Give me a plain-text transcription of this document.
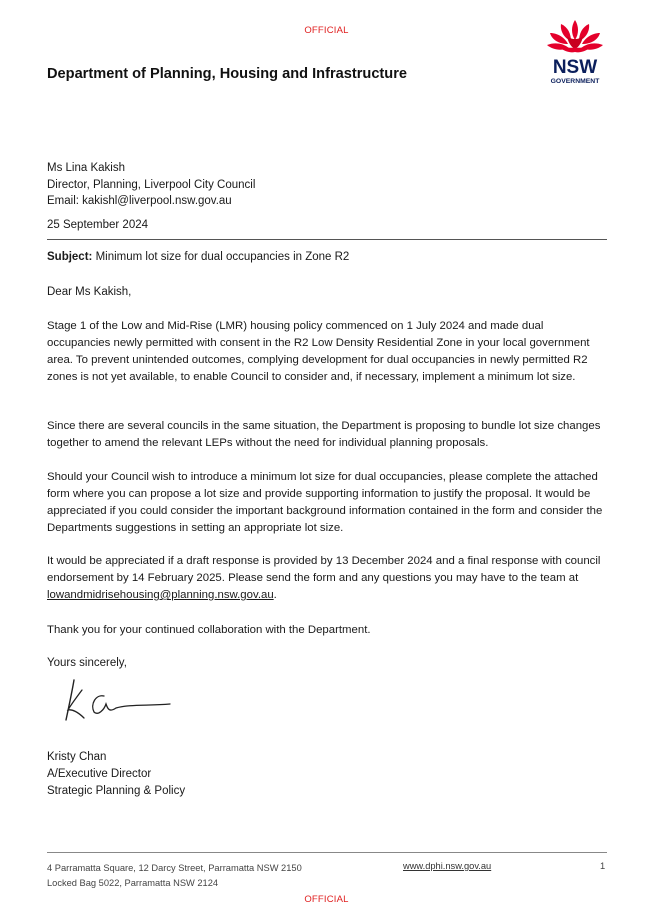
OFFICIAL
Department of Planning, Housing and Infrastructure	NSW
GOVERNMENT
Ms Lina Kakish
Director, Planning, Liverpool City Council
Email: kakishl@liverpool.nsw.gov.au
25 September 2024
Subject: Minimum lot size for dual occupancies in Zone R2
Dear Ms Kakish,
Stage 1 of the Low and Mid-Rise (LMR) housing policy commenced on 1 July 2024 and made dual occupancies newly permitted with consent in the R2 Low Density Residential Zone in your local government area. To prevent unintended outcomes, complying development for dual occupancies in newly permitted R2 zones is not yet available, to enable Council to consider and, if necessary, implement a minimum lot size.
Since there are several councils in the same situation, the Department is proposing to bundle lot size changes together to amend the relevant LEPs without the need for individual planning proposals.
Should your Council wish to introduce a minimum lot size for dual occupancies, please complete the attached form where you can propose a lot size and provide supporting information to justify the proposal. It would be appreciated if you could consider the important background information contained in the form and consider the Departments suggestions in setting an appropriate lot size.
It would be appreciated if a draft response is provided by 13 December 2024 and a final response with council endorsement by 14 February 2025. Please send the form and any questions you may have to the team at lowandmidrisehousing@planning.nsw.gov.au.
Thank you for your continued collaboration with the Department.
Yours sincerely,
Kristy Chan
A/Executive Director
Strategic Planning & Policy
4 Parramatta Square, 12 Darcy Street, Parramatta NSW 2150
Locked Bag 5022, Parramatta NSW 2124
www.dphi.nsw.gov.au	1
OFFICIAL
